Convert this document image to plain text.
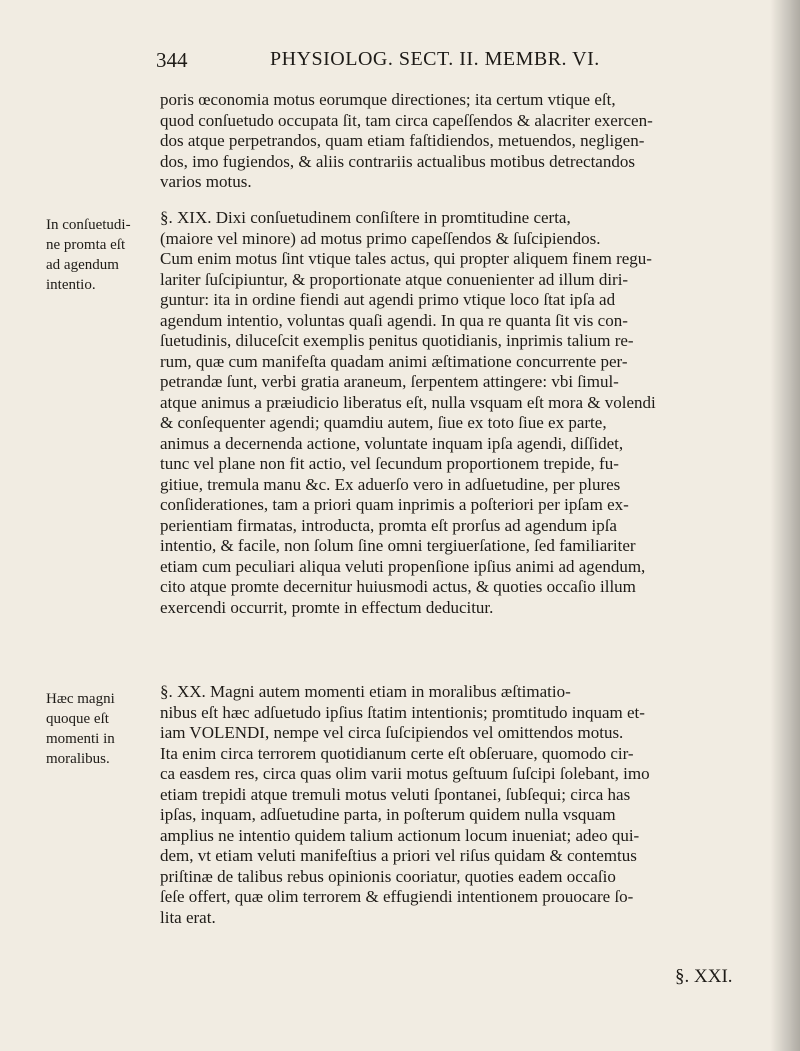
344	PHYSIOLOG. SECT. II. MEMBR. VI.
In conſuetudi-
ne promta eſt
ad agendum
intentio.
Hæc magni
quoque eſt
momenti in
moralibus.
poris œconomia motus eorumque directiones; ita certum vtique eſt,
quod conſuetudo occupata ſit, tam circa capeſſendos & alacriter exercen-
dos atque perpetrandos, quam etiam faſtidiendos, metuendos, negligen-
dos, imo fugiendos, & aliis contrariis actualibus motibus detrectandos
varios motus.
§. XIX. Dixi conſuetudinem conſiſtere in promtitudine certa,
(maiore vel minore) ad motus primo capeſſendos & ſuſcipiendos.
Cum enim motus ſint vtique tales actus, qui propter aliquem finem regu-
lariter ſuſcipiuntur, & proportionate atque conuenienter ad illum diri-
guntur: ita in ordine fiendi aut agendi primo vtique loco ſtat ipſa ad
agendum intentio, voluntas quaſi agendi. In qua re quanta ſit vis con-
ſuetudinis, dilucеſcit exemplis penitus quotidianis, inprimis talium re-
rum, quæ cum manifeſta quadam animi æſtimatione concurrente per-
petrandæ ſunt, verbi gratia araneum, ſerpentem attingere: vbi ſimul-
atque animus a præiudicio liberatus eſt, nulla vsquam eſt mora & volendi
& conſequenter agendi; quamdiu autem, ſiue ex toto ſiue ex parte,
animus a decernenda actione, voluntate inquam ipſa agendi, diſſidet,
tunc vel plane non fit actio, vel ſecundum proportionem trepide, fu-
gitiue, tremula manu &c. Ex aduerſo vero in adſuetudine, per plures
conſiderationes, tam a priori quam inprimis a poſteriori per ipſam ex-
perientiam firmatas, introducta, promta eſt prorſus ad agendum ipſa
intentio, & facile, non ſolum ſine omni tergiuerſatione, ſed familiariter
etiam cum peculiari aliqua veluti propenſione ipſius animi ad agendum,
cito atque promte decernitur huiusmodi actus, & quoties occaſio illum
exercendi occurrit, promte in effectum deducitur.
§. XX. Magni autem momenti etiam in moralibus æſtimatio-
nibus eſt hæc adſuetudo ipſius ſtatim intentionis; promtitudo inquam et-
iam VOLENDI, nempe vel circa ſuſcipiendos vel omittendos motus.
Ita enim circa terrorem quotidianum certe eſt obſeruare, quomodo cir-
ca easdem res, circa quas olim varii motus geſtuum ſuſcipi ſolebant, imo
etiam trepidi atque tremuli motus veluti ſpontanei, ſubſequi; circa has
ipſas, inquam, adſuetudine parta, in poſterum quidem nulla vsquam
amplius ne intentio quidem talium actionum locum inueniat; adeo qui-
dem, vt etiam veluti manifeſtius a priori vel riſus quidam & contemtus
priſtinæ de talibus rebus opinionis cooriatur, quoties eadem occaſio
ſeſe offert, quæ olim terrorem & effugiendi intentionem prouocare ſo-
lita erat.
§. XXI.
